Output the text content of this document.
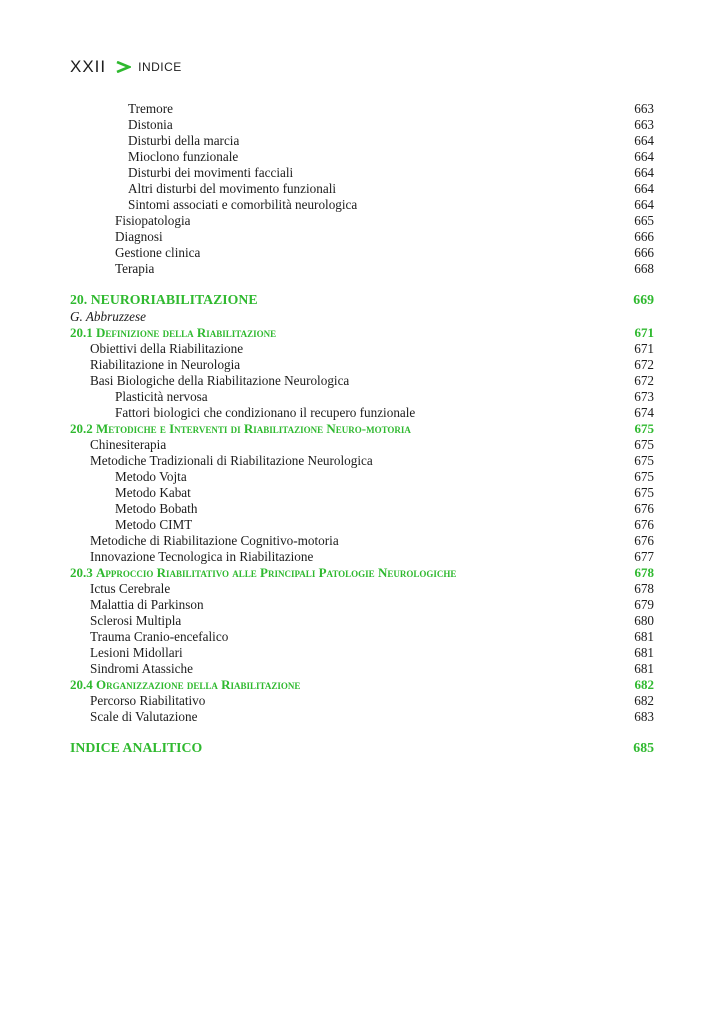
XXII	INDICE
Tremore	663
Distonia	663
Disturbi della marcia	664
Mioclono funzionale	664
Disturbi dei movimenti facciali	664
Altri disturbi del movimento funzionali	664
Sintomi associati e comorbilità neurologica	664
Fisiopatologia	665
Diagnosi	666
Gestione clinica	666
Terapia	668
20. NEURORIABILITAZIONE	669
G. Abbruzzese
20.1 Definizione della Riabilitazione	671
Obiettivi della Riabilitazione	671
Riabilitazione in Neurologia	672
Basi Biologiche della Riabilitazione Neurologica	672
Plasticità nervosa	673
Fattori biologici che condizionano il recupero funzionale	674
20.2 Metodiche e Interventi di Riabilitazione Neuro-motoria	675
Chinesiterapia	675
Metodiche Tradizionali di Riabilitazione Neurologica	675
Metodo Vojta	675
Metodo Kabat	675
Metodo Bobath	676
Metodo CIMT	676
Metodiche di Riabilitazione Cognitivo-motoria	676
Innovazione Tecnologica in Riabilitazione	677
20.3 Approccio Riabilitativo alle Principali Patologie Neurologiche	678
Ictus Cerebrale	678
Malattia di Parkinson	679
Sclerosi Multipla	680
Trauma Cranio-encefalico	681
Lesioni Midollari	681
Sindromi Atassiche	681
20.4 Organizzazione della Riabilitazione	682
Percorso Riabilitativo	682
Scale di Valutazione	683
INDICE ANALITICO	685
